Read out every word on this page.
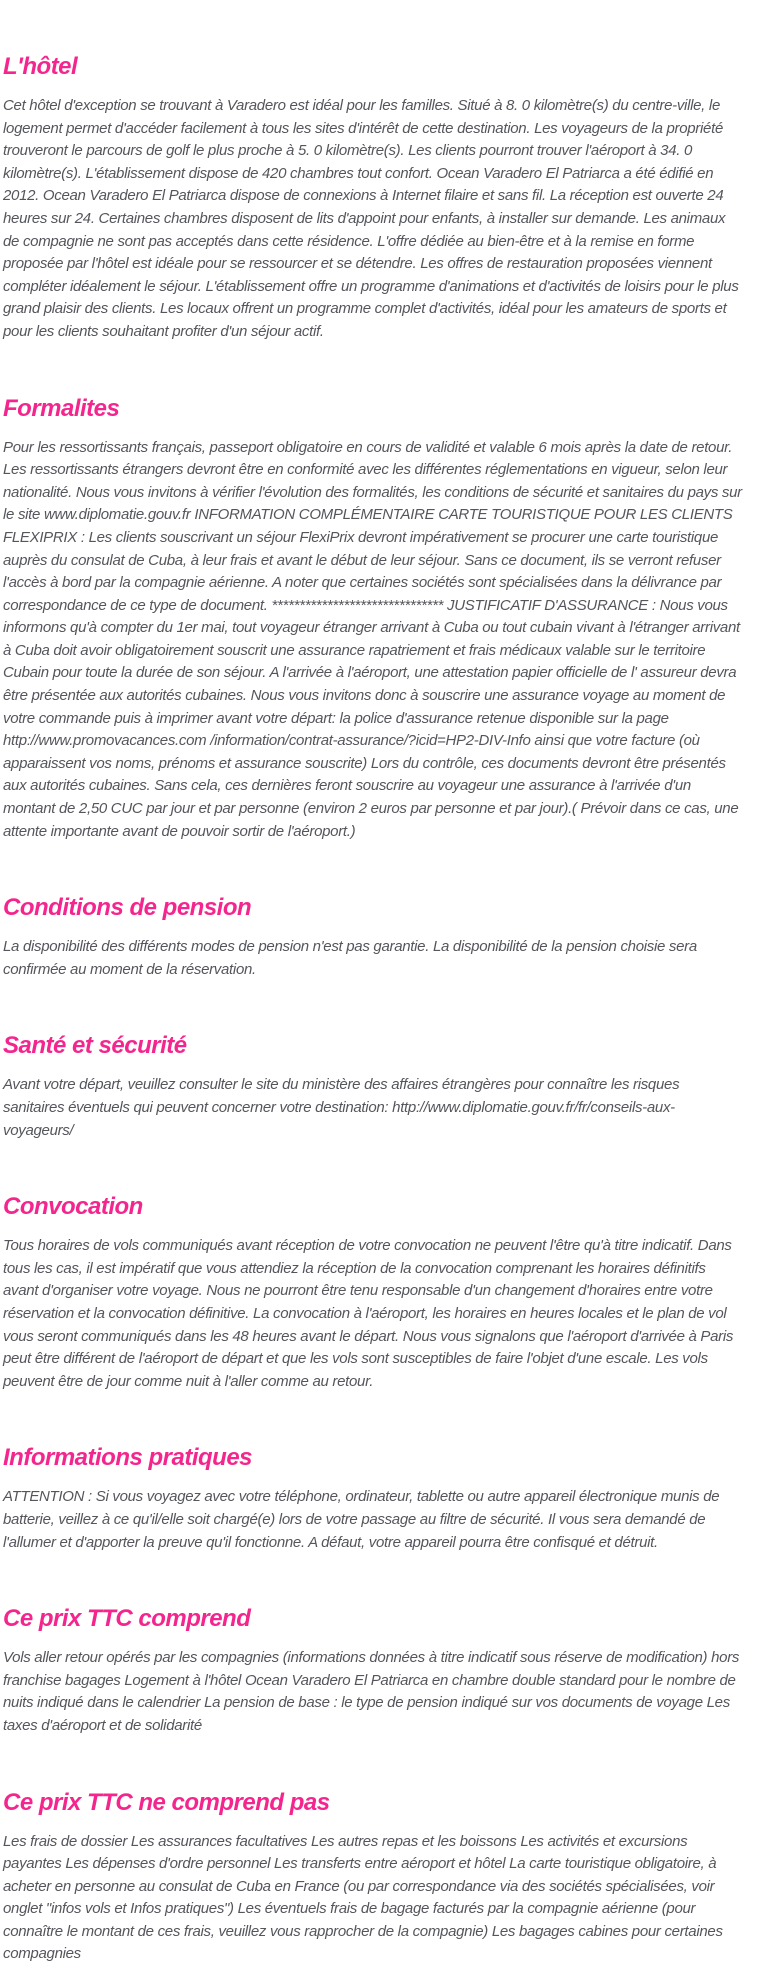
L'hôtel

Cet hôtel d'exception se trouvant à Varadero est idéal pour les familles. Situé à 8. 0 kilomètre(s) du centre-ville, le logement permet d'accéder facilement à tous les sites d'intérêt de cette destination. Les voyageurs de la propriété trouveront le parcours de golf le plus proche à 5. 0 kilomètre(s). Les clients pourront trouver l'aéroport à 34. 0 kilomètre(s). L'établissement dispose de 420 chambres tout confort. Ocean Varadero El Patriarca a été édifié en 2012. Ocean Varadero El Patriarca dispose de connexions à Internet filaire et sans fil. La réception est ouverte 24 heures sur 24. Certaines chambres disposent de lits d'appoint pour enfants, à installer sur demande. Les animaux de compagnie ne sont pas acceptés dans cette résidence. L'offre dédiée au bien-être et à la remise en forme proposée par l'hôtel est idéale pour se ressourcer et se détendre. Les offres de restauration proposées viennent compléter idéalement le séjour. L'établissement offre un programme d'animations et d'activités de loisirs pour le plus grand plaisir des clients. Les locaux offrent un programme complet d'activités, idéal pour les amateurs de sports et pour les clients souhaitant profiter d'un séjour actif.

Formalites

Pour les ressortissants français, passeport obligatoire en cours de validité et valable 6 mois après la date de retour. Les ressortissants étrangers devront être en conformité avec les différentes réglementations en vigueur, selon leur nationalité. Nous vous invitons à vérifier l'évolution des formalités, les conditions de sécurité et sanitaires du pays sur le site www.diplomatie.gouv.fr INFORMATION COMPLÉMENTAIRE CARTE TOURISTIQUE POUR LES CLIENTS FLEXIPRIX : Les clients souscrivant un séjour FlexiPrix devront impérativement se procurer une carte touristique auprès du consulat de Cuba, à leur frais et avant le début de leur séjour. Sans ce document, ils se verront refuser l'accès à bord par la compagnie aérienne. A noter que certaines sociétés sont spécialisées dans la délivrance par correspondance de ce type de document. ******************************* JUSTIFICATIF D'ASSURANCE : Nous vous informons qu'à compter du 1er mai, tout voyageur étranger arrivant à Cuba ou tout cubain vivant à l'étranger arrivant à Cuba doit avoir obligatoirement souscrit une assurance rapatriement et frais médicaux valable sur le territoire Cubain pour toute la durée de son séjour. A l'arrivée à l'aéroport, une attestation papier officielle de l' assureur devra être présentée aux autorités cubaines. Nous vous invitons donc à souscrire une assurance voyage au moment de votre commande puis à imprimer avant votre départ: la police d'assurance retenue disponible sur la page http://www.promovacances.com /information/contrat-assurance/?icid=HP2-DIV-Info ainsi que votre facture (où apparaissent vos noms, prénoms et assurance souscrite) Lors du contrôle, ces documents devront être présentés aux autorités cubaines. Sans cela, ces dernières feront souscrire au voyageur une assurance à l'arrivée d'un montant de 2,50 CUC par jour et par personne (environ 2 euros par personne et par jour).( Prévoir dans ce cas, une attente importante avant de pouvoir sortir de l'aéroport.)

Conditions de pension

La disponibilité des différents modes de pension n'est pas garantie. La disponibilité de la pension choisie sera confirmée au moment de la réservation.

Santé et sécurité

Avant votre départ, veuillez consulter le site du ministère des affaires étrangères pour connaître les risques sanitaires éventuels qui peuvent concerner votre destination: http://www.diplomatie.gouv.fr/fr/conseils-aux-voyageurs/

Convocation

Tous horaires de vols communiqués avant réception de votre convocation ne peuvent l'être qu'à titre indicatif. Dans tous les cas, il est impératif que vous attendiez la réception de la convocation comprenant les horaires définitifs avant d'organiser votre voyage. Nous ne pourront être tenu responsable d'un changement d'horaires entre votre réservation et la convocation définitive. La convocation à l'aéroport, les horaires en heures locales et le plan de vol vous seront communiqués dans les 48 heures avant le départ. Nous vous signalons que l'aéroport d'arrivée à Paris peut être différent de l'aéroport de départ et que les vols sont susceptibles de faire l'objet d'une escale. Les vols peuvent être de jour comme nuit à l'aller comme au retour.

Informations pratiques

ATTENTION : Si vous voyagez avec votre téléphone, ordinateur, tablette ou autre appareil électronique munis de batterie, veillez à ce qu'il/elle soit chargé(e) lors de votre passage au filtre de sécurité. Il vous sera demandé de l'allumer et d'apporter la preuve qu'il fonctionne. A défaut, votre appareil pourra être confisqué et détruit.

Ce prix TTC comprend

Vols aller retour opérés par les compagnies (informations données à titre indicatif sous réserve de modification) hors franchise bagages Logement à l'hôtel Ocean Varadero El Patriarca en chambre double standard pour le nombre de nuits indiqué dans le calendrier La pension de base : le type de pension indiqué sur vos documents de voyage Les taxes d'aéroport et de solidarité

Ce prix TTC ne comprend pas

Les frais de dossier Les assurances facultatives Les autres repas et les boissons Les activités et excursions payantes Les dépenses d'ordre personnel Les transferts entre aéroport et hôtel La carte touristique obligatoire, à acheter en personne au consulat de Cuba en France (ou par correspondance via des sociétés spécialisées, voir onglet "infos vols et Infos pratiques") Les éventuels frais de bagage facturés par la compagnie aérienne (pour connaître le montant de ces frais, veuillez vous rapprocher de la compagnie) Les bagages cabines pour certaines compagnies
